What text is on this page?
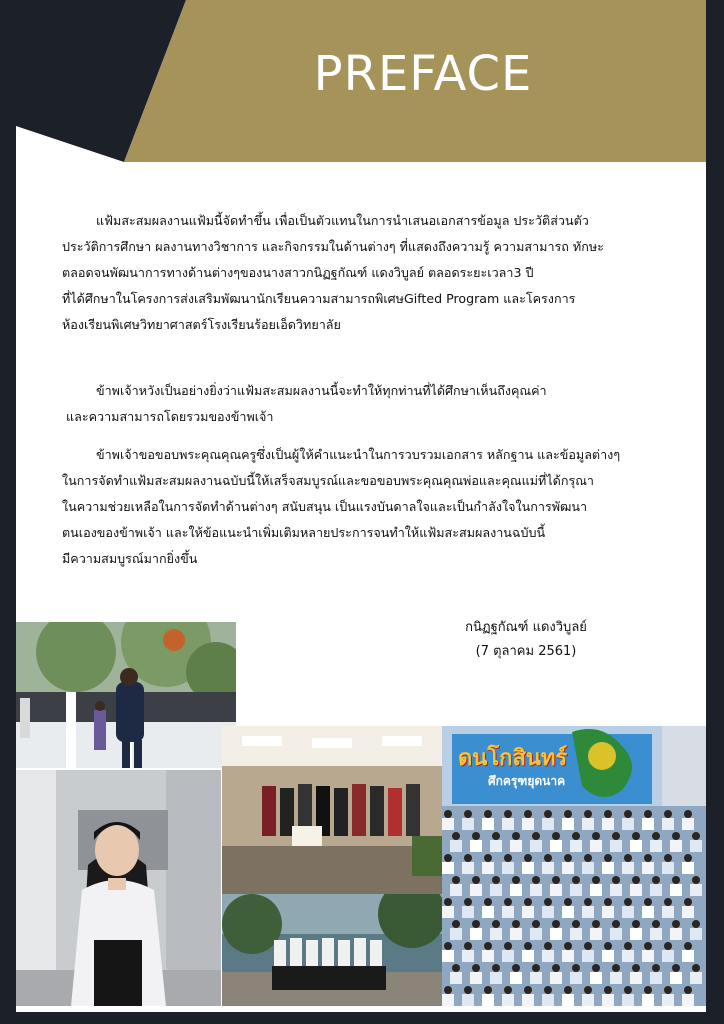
PREFACE
แฟ้มสะสมผลงานแฟ้มนี้จัดทำขึ้น เพื่อเป็นตัวแทนในการนำเสนอเอกสารข้อมูล ประวัติส่วนตัว
ประวัติการศึกษา ผลงานทางวิชาการ และกิจกรรมในด้านต่างๆ ที่แสดงถึงความรู้ ความสามารถ ทักษะ
ตลอดจนพัฒนาการทางด้านต่างๆของนางสาวกนิฏฐกัณฑ์ แดงวิบูลย์ ตลอดระยะเวลา3 ปี
ที่ได้ศึกษาในโครงการส่งเสริมพัฒนานักเรียนความสามารถพิเศษGifted Program และโครงการ
ห้องเรียนพิเศษวิทยาศาสตร์โรงเรียนร้อยเอ็ดวิทยาลัย
ข้าพเจ้าหวังเป็นอย่างยิ่งว่าแฟ้มสะสมผลงานนี้จะทำให้ทุกท่านที่ได้ศึกษาเห็นถึงคุณค่า
และความสามารถโดยรวมของข้าพเจ้า
ข้าพเจ้าขอขอบพระคุณคุณครูซึ่งเป็นผู้ให้คำแนะนำในการวบรวมเอกสาร หลักฐาน และข้อมูลต่างๆ
ในการจัดทำแฟ้มสะสมผลงานฉบับนี้ให้เสร็จสมบูรณ์และขอขอบพระคุณคุณพ่อและคุณแม่ที่ได้กรุณา
ในความช่วยเหลือในการจัดทำด้านต่างๆ สนับสนุน เป็นแรงบันดาลใจและเป็นกำลังใจในการพัฒนา
ตนเองของข้าพเจ้า และให้ข้อแนะนำเพิ่มเติมหลายประการจนทำให้แฟ้มสะสมผลงานฉบับนี้
มีความสมบูรณ์มากยิ่งขึ้น
กนิฏฐกัณฑ์ แดงวิบูลย์
(7 ตุลาคม 2561)
ดนโกสินทร์
ศึกครุฑยุดนาค
